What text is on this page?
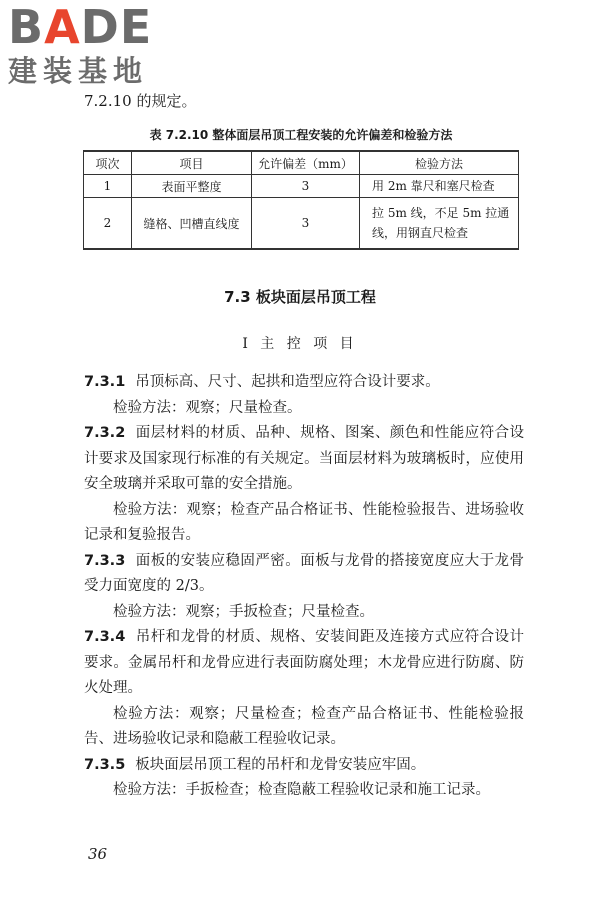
BADE
建装基地
7.2.10 的规定。
表 7.2.10 整体面层吊顶工程安装的允许偏差和检验方法
项次	项目	允许偏差（mm）	检验方法
1	表面平整度	3	用 2m 靠尺和塞尺检查
2	缝格、凹槽直线度	3	拉 5m 线，不足 5m 拉通线，用钢直尺检查
7.3 板块面层吊顶工程
Ⅰ 主 控 项 目

7.3.1 吊顶标高、尺寸、起拱和造型应符合设计要求。

检验方法：观察；尺量检查。

7.3.2 面层材料的材质、品种、规格、图案、颜色和性能应符合设计要求及国家现行标准的有关规定。当面层材料为玻璃板时，应使用安全玻璃并采取可靠的安全措施。

检验方法：观察；检查产品合格证书、性能检验报告、进场验收记录和复验报告。

7.3.3 面板的安装应稳固严密。面板与龙骨的搭接宽度应大于龙骨受力面宽度的 2/3。

检验方法：观察；手扳检查；尺量检查。

7.3.4 吊杆和龙骨的材质、规格、安装间距及连接方式应符合设计要求。金属吊杆和龙骨应进行表面防腐处理；木龙骨应进行防腐、防火处理。

检验方法：观察；尺量检查；检查产品合格证书、性能检验报告、进场验收记录和隐蔽工程验收记录。

7.3.5 板块面层吊顶工程的吊杆和龙骨安装应牢固。

检验方法：手扳检查；检查隐蔽工程验收记录和施工记录。

36
